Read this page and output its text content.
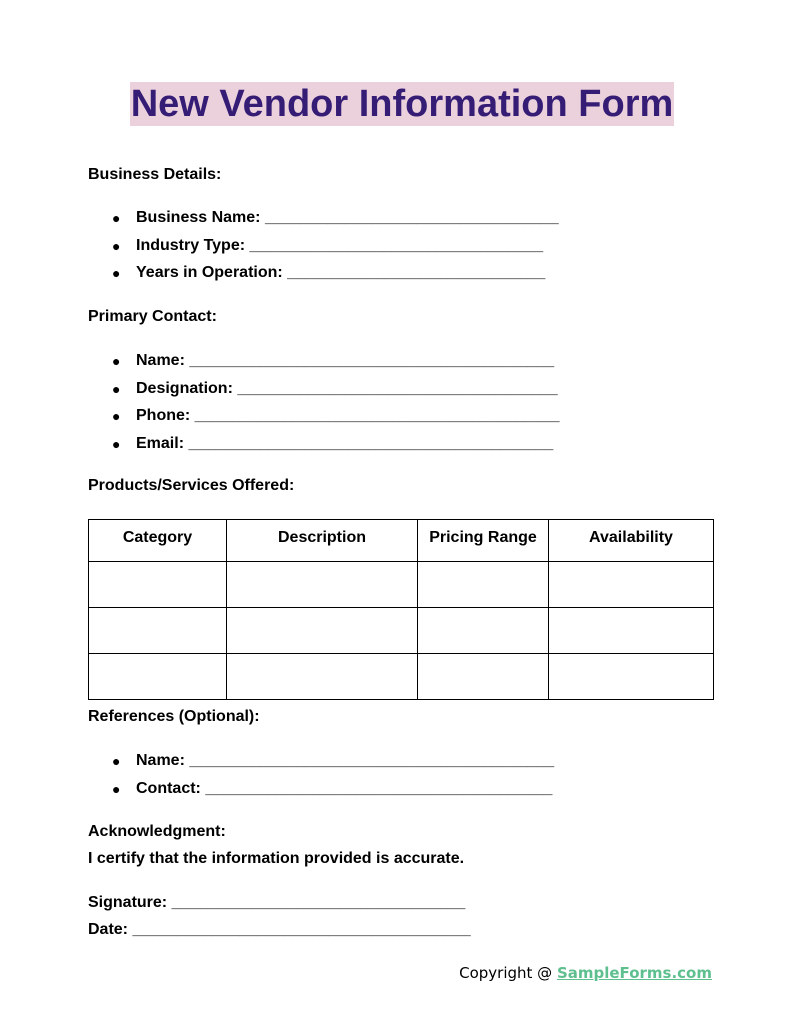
New Vendor Information Form
Business Details:
● Business Name: _________________________________
● Industry Type: _________________________________
● Years in Operation: _____________________________
Primary Contact:
● Name: _________________________________________
● Designation: ____________________________________
● Phone: _________________________________________
● Email: _________________________________________
Products/Services Offered:
Category	Description	Pricing Range	Availability

References (Optional):
● Name: _________________________________________
● Contact: _______________________________________
Acknowledgment:
I certify that the information provided is accurate.
Signature: _________________________________
Date: ______________________________________
Copyright @ SampleForms.com
